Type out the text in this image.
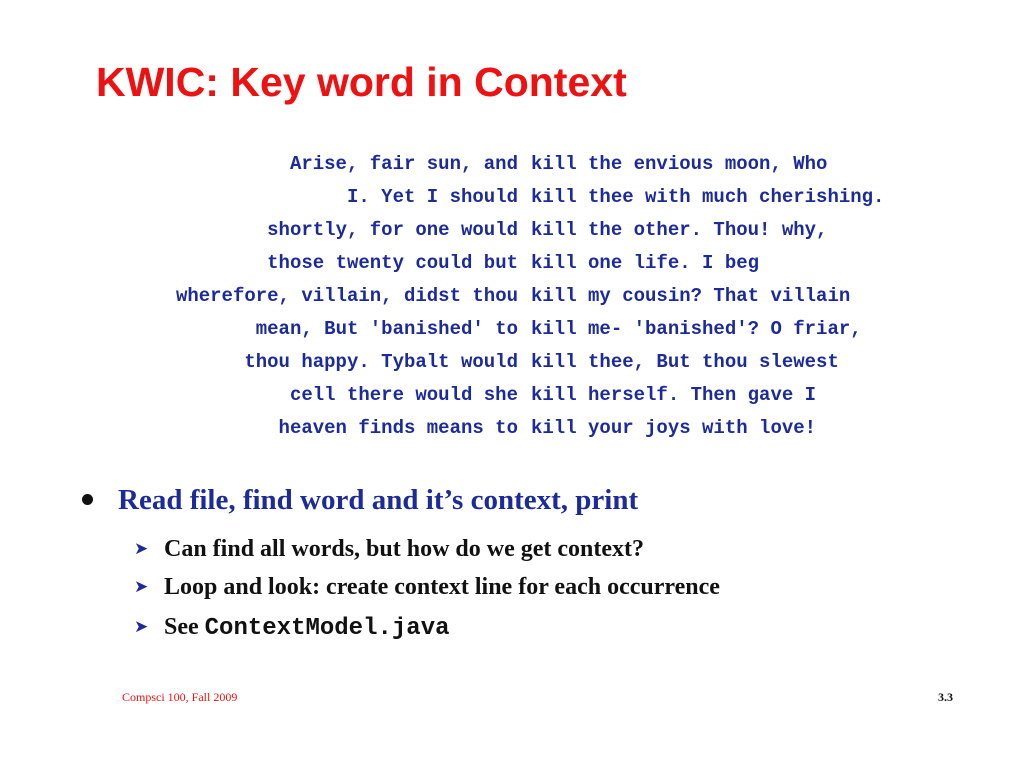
KWIC: Key word in Context
Arise, fair sun, and kill the envious moon, Who
I. Yet I should kill thee with much cherishing.
shortly, for one would kill the other. Thou! why,
those twenty could but kill one life. I beg
wherefore, villain, didst thou kill my cousin? That villain
mean, But 'banished' to kill me- 'banished'? O friar,
thou happy. Tybalt would kill thee, But thou slewest
cell there would she kill herself. Then gave I
heaven finds means to kill your joys with love!
Read file, find word and it’s context, print
➤ Can find all words, but how do we get context?
➤ Loop and look: create context line for each occurrence
➤ See ContextModel.java
Compsci 100, Fall 2009	3.3
